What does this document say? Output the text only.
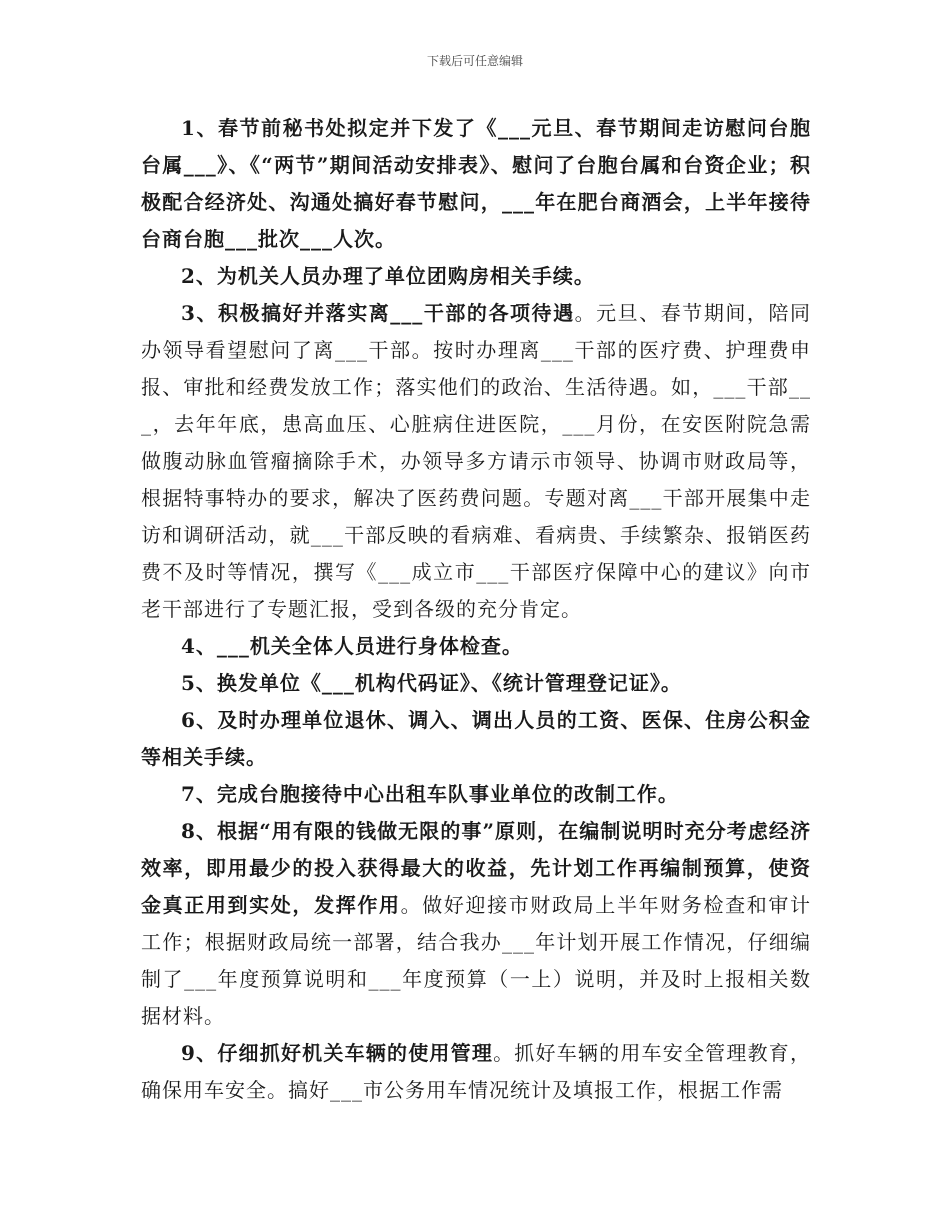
下载后可任意编辑

1、春节前秘书处拟定并下发了《___元旦、春节期间走访慰问台胞台属___》、《“两节”期间活动安排表》、慰问了台胞台属和台资企业；积极配合经济处、沟通处搞好春节慰问，___年在肥台商酒会，上半年接待台商台胞___批次___人次。

2、为机关人员办理了单位团购房相关手续。

3、积极搞好并落实离___干部的各项待遇。元旦、春节期间，陪同办领导看望慰问了离___干部。按时办理离___干部的医疗费、护理费申报、审批和经费发放工作；落实他们的政治、生活待遇。如，___干部___，去年年底，患高血压、心脏病住进医院，___月份，在安医附院急需做腹动脉血管瘤摘除手术，办领导多方请示市领导、协调市财政局等，根据特事特办的要求，解决了医药费问题。专题对离___干部开展集中走访和调研活动，就___干部反映的看病难、看病贵、手续繁杂、报销医药费不及时等情况，撰写《___成立市___干部医疗保障中心的建议》向市老干部进行了专题汇报，受到各级的充分肯定。

4、___机关全体人员进行身体检查。

5、换发单位《___机构代码证》、《统计管理登记证》。

6、及时办理单位退休、调入、调出人员的工资、医保、住房公积金等相关手续。

7、完成台胞接待中心出租车队事业单位的改制工作。

8、根据“用有限的钱做无限的事”原则，在编制说明时充分考虑经济效率，即用最少的投入获得最大的收益，先计划工作再编制预算，使资金真正用到实处，发挥作用。做好迎接市财政局上半年财务检查和审计工作；根据财政局统一部署，结合我办___年计划开展工作情况，仔细编制了___年度预算说明和___年度预算（一上）说明，并及时上报相关数据材料。

9、仔细抓好机关车辆的使用管理。抓好车辆的用车安全管理教育，确保用车安全。搞好___市公务用车情况统计及填报工作，根据工作需
